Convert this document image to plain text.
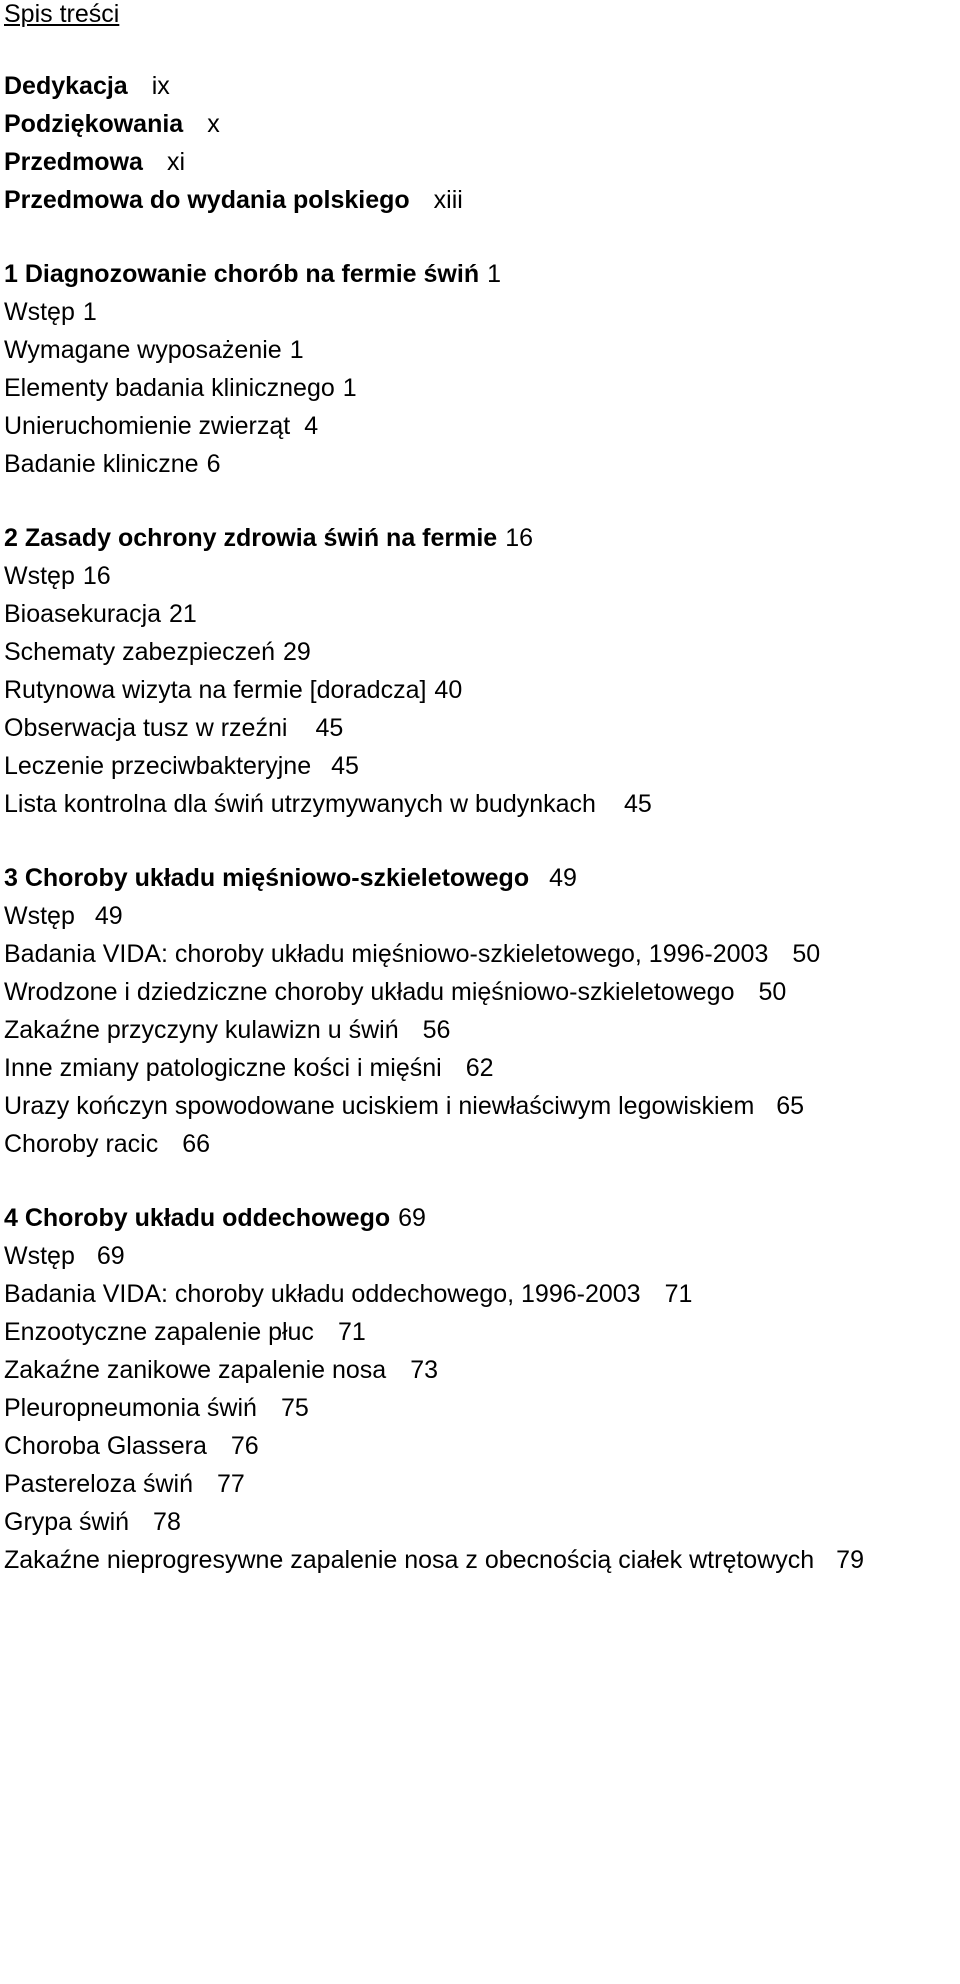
Spis treści
Dedykacja ix
Podziękowania x
Przedmowa xi
Przedmowa do wydania polskiego xiii
1 Diagnozowanie chorób na fermie świń 1
Wstęp 1
Wymagane wyposażenie 1
Elementy badania klinicznego 1
Unieruchomienie zwierząt 4
Badanie kliniczne 6
2 Zasady ochrony zdrowia świń na fermie 16
Wstęp 16
Bioasekuracja 21
Schematy zabezpieczeń 29
Rutynowa wizyta na fermie [doradcza] 40
Obserwacja tusz w rzeźni 45
Leczenie przeciwbakteryjne 45
Lista kontrolna dla świń utrzymywanych w budynkach 45
3 Choroby układu mięśniowo-szkieletowego 49
Wstęp 49
Badania VIDA: choroby układu mięśniowo-szkieletowego, 1996-2003 50
Wrodzone i dziedziczne choroby układu mięśniowo-szkieletowego 50
Zakaźne przyczyny kulawizn u świń 56
Inne zmiany patologiczne kości i mięśni 62
Urazy kończyn spowodowane uciskiem i niewłaściwym legowiskiem 65
Choroby racic 66
4 Choroby układu oddechowego 69
Wstęp 69
Badania VIDA: choroby układu oddechowego, 1996-2003 71
Enzootyczne zapalenie płuc 71
Zakaźne zanikowe zapalenie nosa 73
Pleuropneumonia świń 75
Choroba Glassera 76
Pastereloza świń 77
Grypa świń 78
Zakaźne nieprogresywne zapalenie nosa z obecnością ciałek wtrętowych 79
